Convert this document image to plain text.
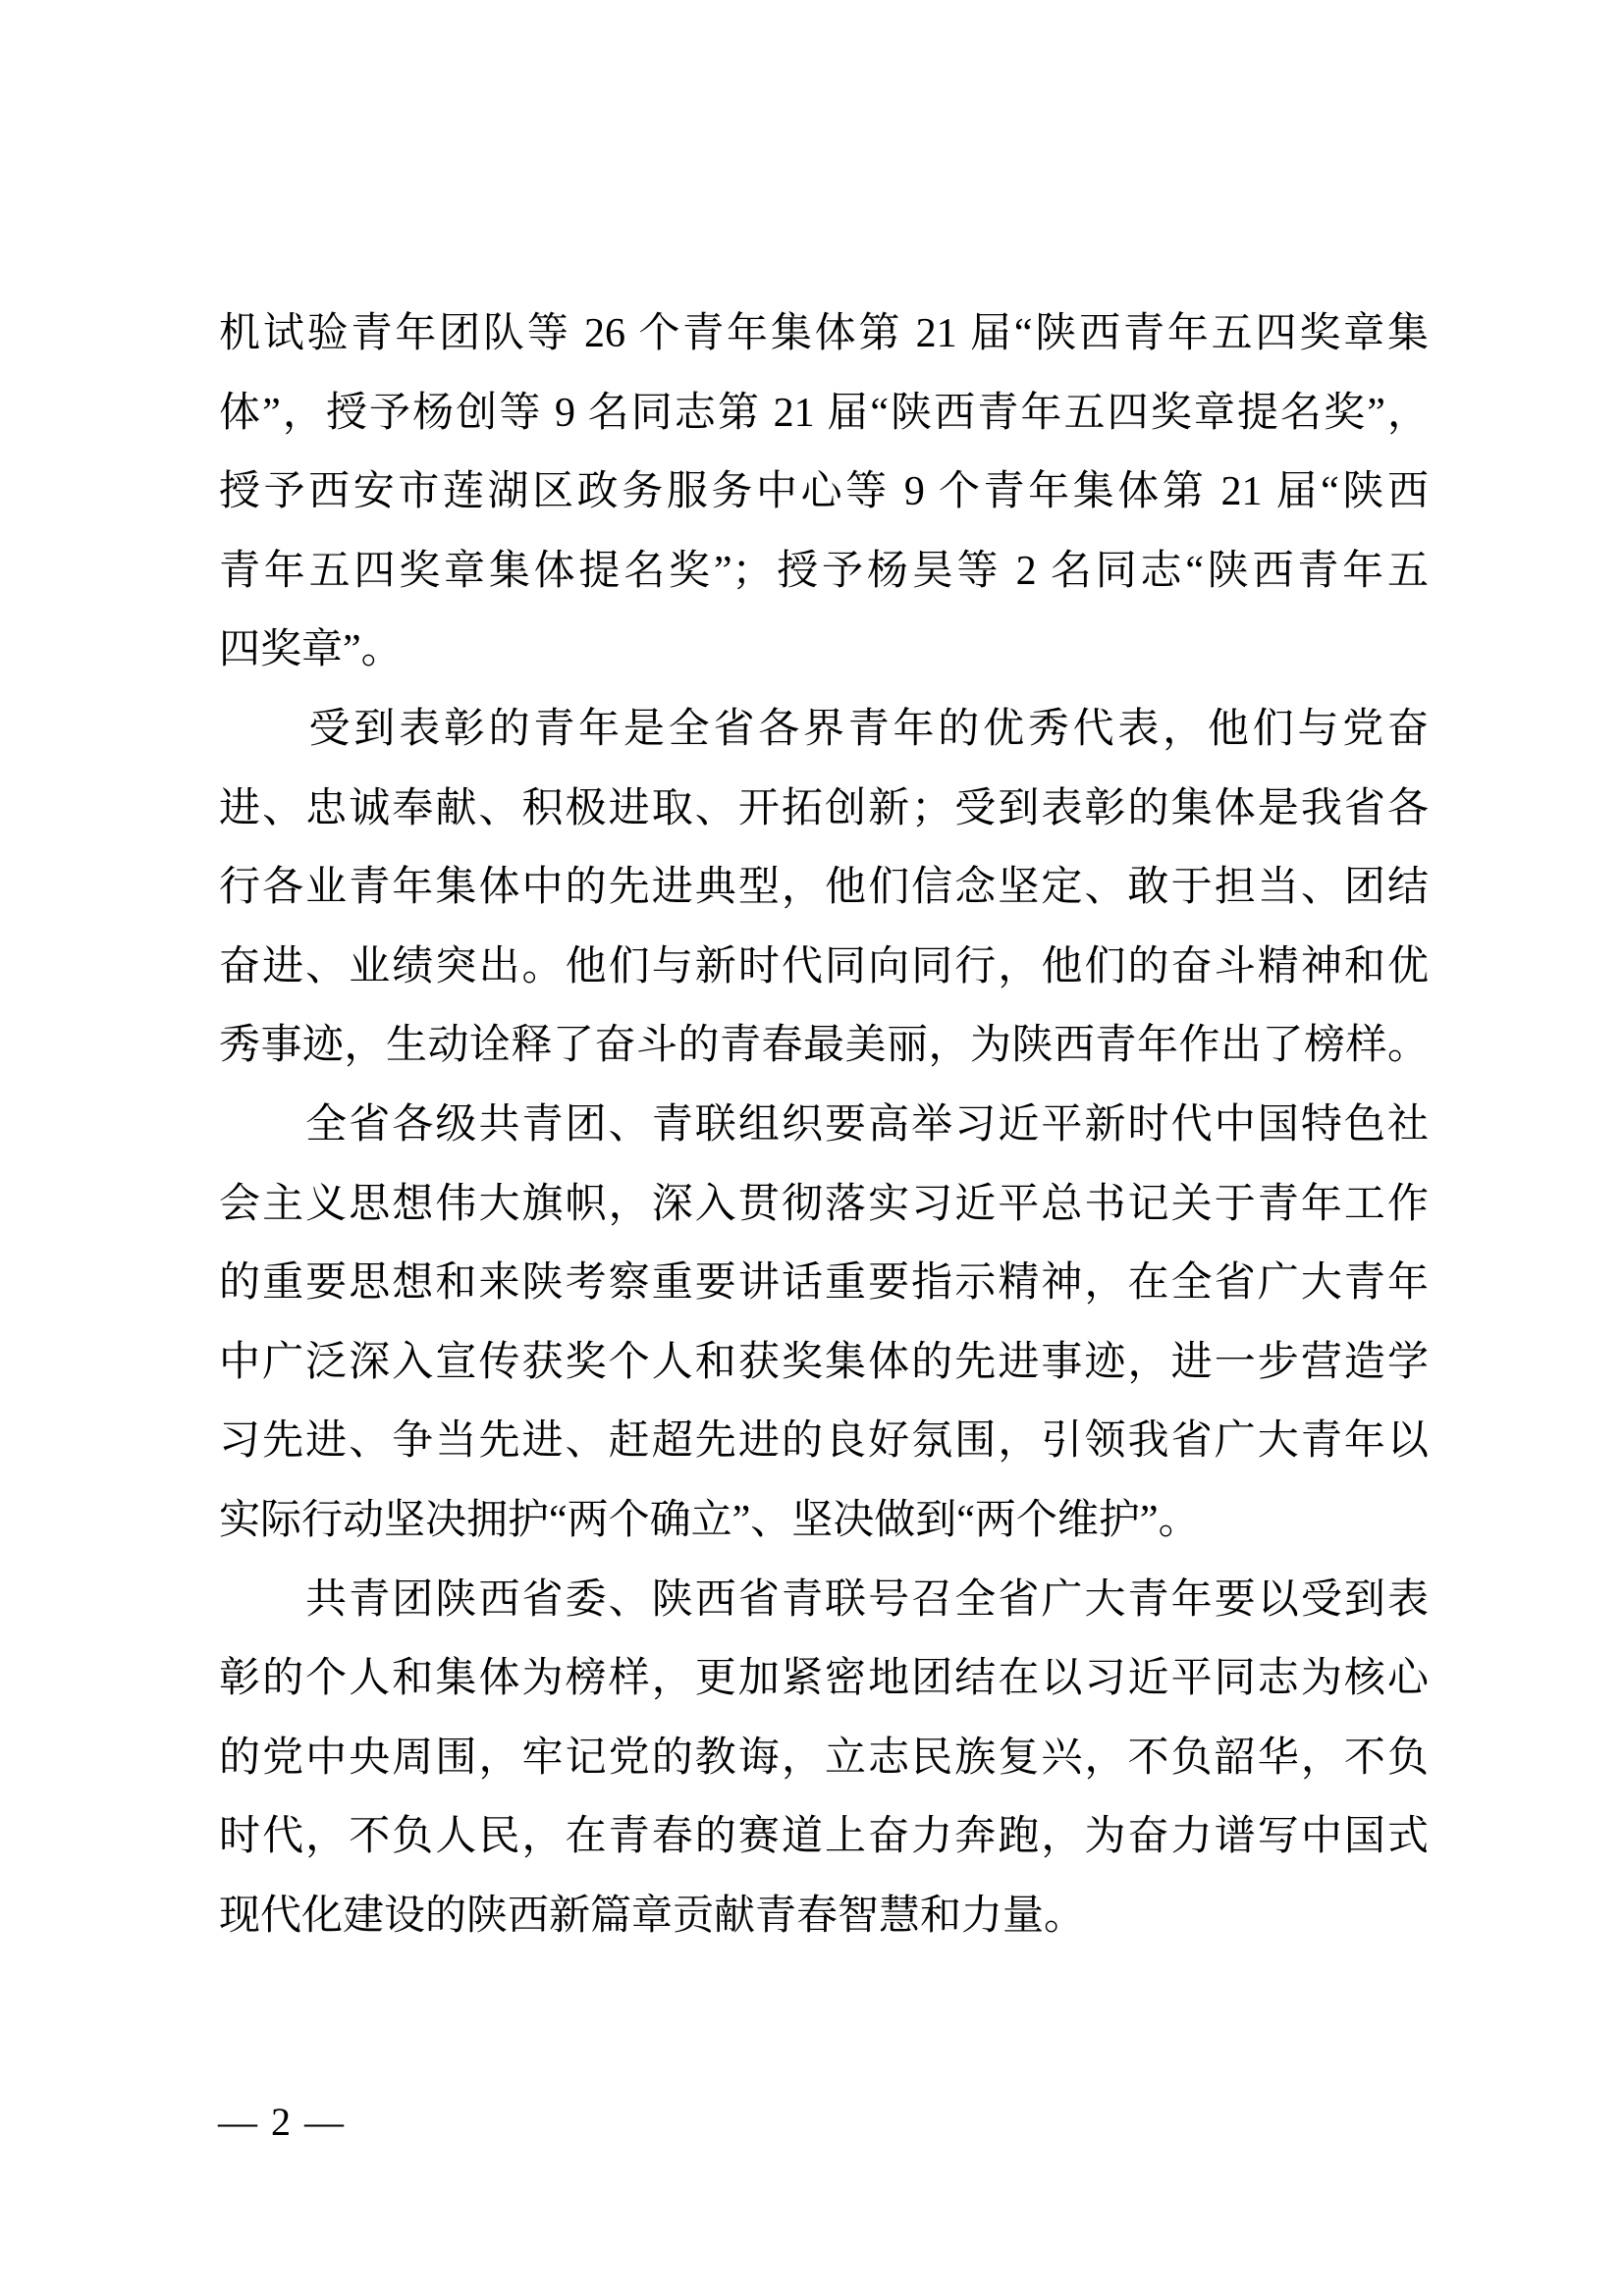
机试验青年团队等 26 个青年集体第 21 届“陕西青年五四奖章集
体”，授予杨创等 9 名同志第 21 届“陕西青年五四奖章提名奖”，
授予西安市莲湖区政务服务中心等 9 个青年集体第 21 届“陕西
青年五四奖章集体提名奖”；授予杨昊等 2 名同志“陕西青年五
四奖章”。
　　受到表彰的青年是全省各界青年的优秀代表，他们与党奋
进、忠诚奉献、积极进取、开拓创新；受到表彰的集体是我省各
行各业青年集体中的先进典型，他们信念坚定、敢于担当、团结
奋进、业绩突出。他们与新时代同向同行，他们的奋斗精神和优
秀事迹，生动诠释了奋斗的青春最美丽，为陕西青年作出了榜样。
　　全省各级共青团、青联组织要高举习近平新时代中国特色社
会主义思想伟大旗帜，深入贯彻落实习近平总书记关于青年工作
的重要思想和来陕考察重要讲话重要指示精神，在全省广大青年
中广泛深入宣传获奖个人和获奖集体的先进事迹，进一步营造学
习先进、争当先进、赶超先进的良好氛围，引领我省广大青年以
实际行动坚决拥护“两个确立”、坚决做到“两个维护”。
　　共青团陕西省委、陕西省青联号召全省广大青年要以受到表
彰的个人和集体为榜样，更加紧密地团结在以习近平同志为核心
的党中央周围，牢记党的教诲，立志民族复兴，不负韶华，不负
时代，不负人民，在青春的赛道上奋力奔跑，为奋力谱写中国式
现代化建设的陕西新篇章贡献青春智慧和力量。
— 2 —
